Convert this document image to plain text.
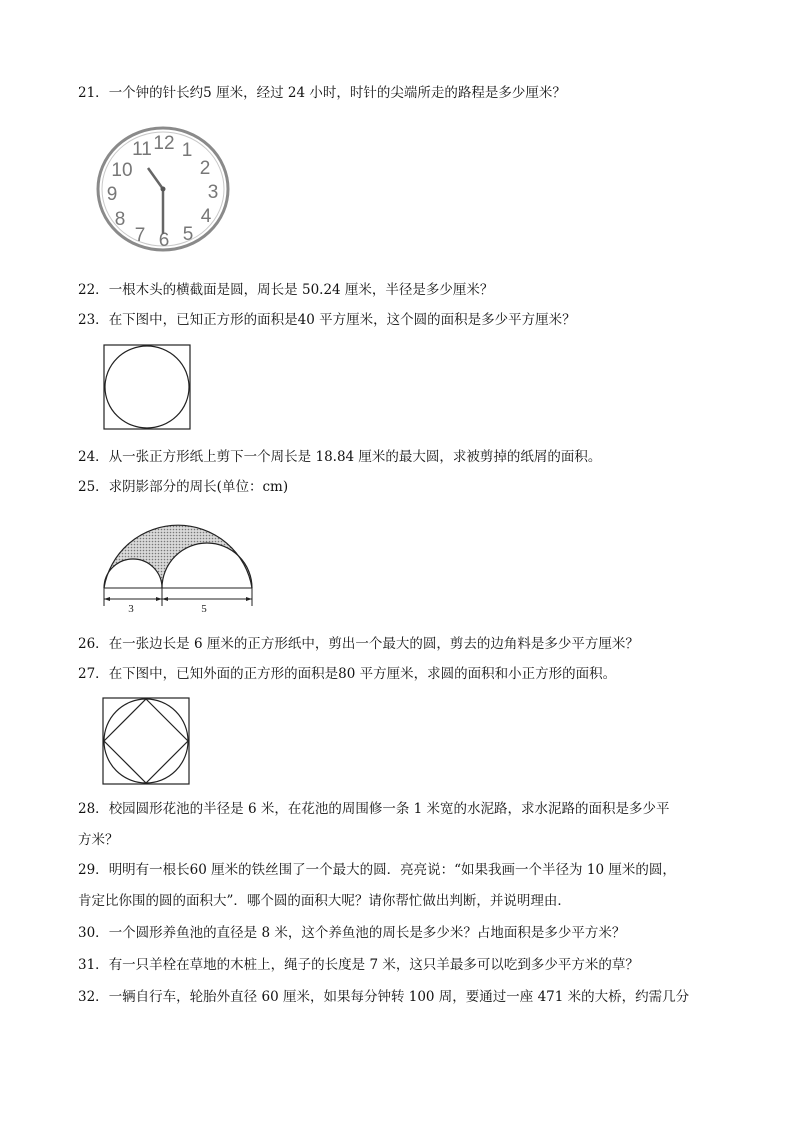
21．一个钟的针长约5 厘米，经过 24 小时，时针的尖端所走的路程是多少厘米？
12 1
2
3
4
5
6
7
8
9
10
11
22．一根木头的横截面是圆，周长是 50.24 厘米，半径是多少厘米？
23．在下图中，已知正方形的面积是40 平方厘米，这个圆的面积是多少平方厘米？
24．从一张正方形纸上剪下一个周长是 18.84 厘米的最大圆，求被剪掉的纸屑的面积。
25．求阴影部分的周长(单位：cm)
3	5
26．在一张边长是 6 厘米的正方形纸中，剪出一个最大的圆，剪去的边角料是多少平方厘米？
27．在下图中，已知外面的正方形的面积是80 平方厘米，求圆的面积和小正方形的面积。
28．校园圆形花池的半径是 6 米，在花池的周围修一条 1 米宽的水泥路，求水泥路的面积是多少平
方米？
29．明明有一根长60 厘米的铁丝围了一个最大的圆．亮亮说：“如果我画一个半径为 10 厘米的圆，
肯定比你围的圆的面积大”．哪个圆的面积大呢？请你帮忙做出判断，并说明理由．
30．一个圆形养鱼池的直径是 8 米，这个养鱼池的周长是多少米？占地面积是多少平方米？
31．有一只羊栓在草地的木桩上，绳子的长度是 7 米，这只羊最多可以吃到多少平方米的草？
32．一辆自行车，轮胎外直径 60 厘米，如果每分钟转 100 周，要通过一座 471 米的大桥，约需几分
